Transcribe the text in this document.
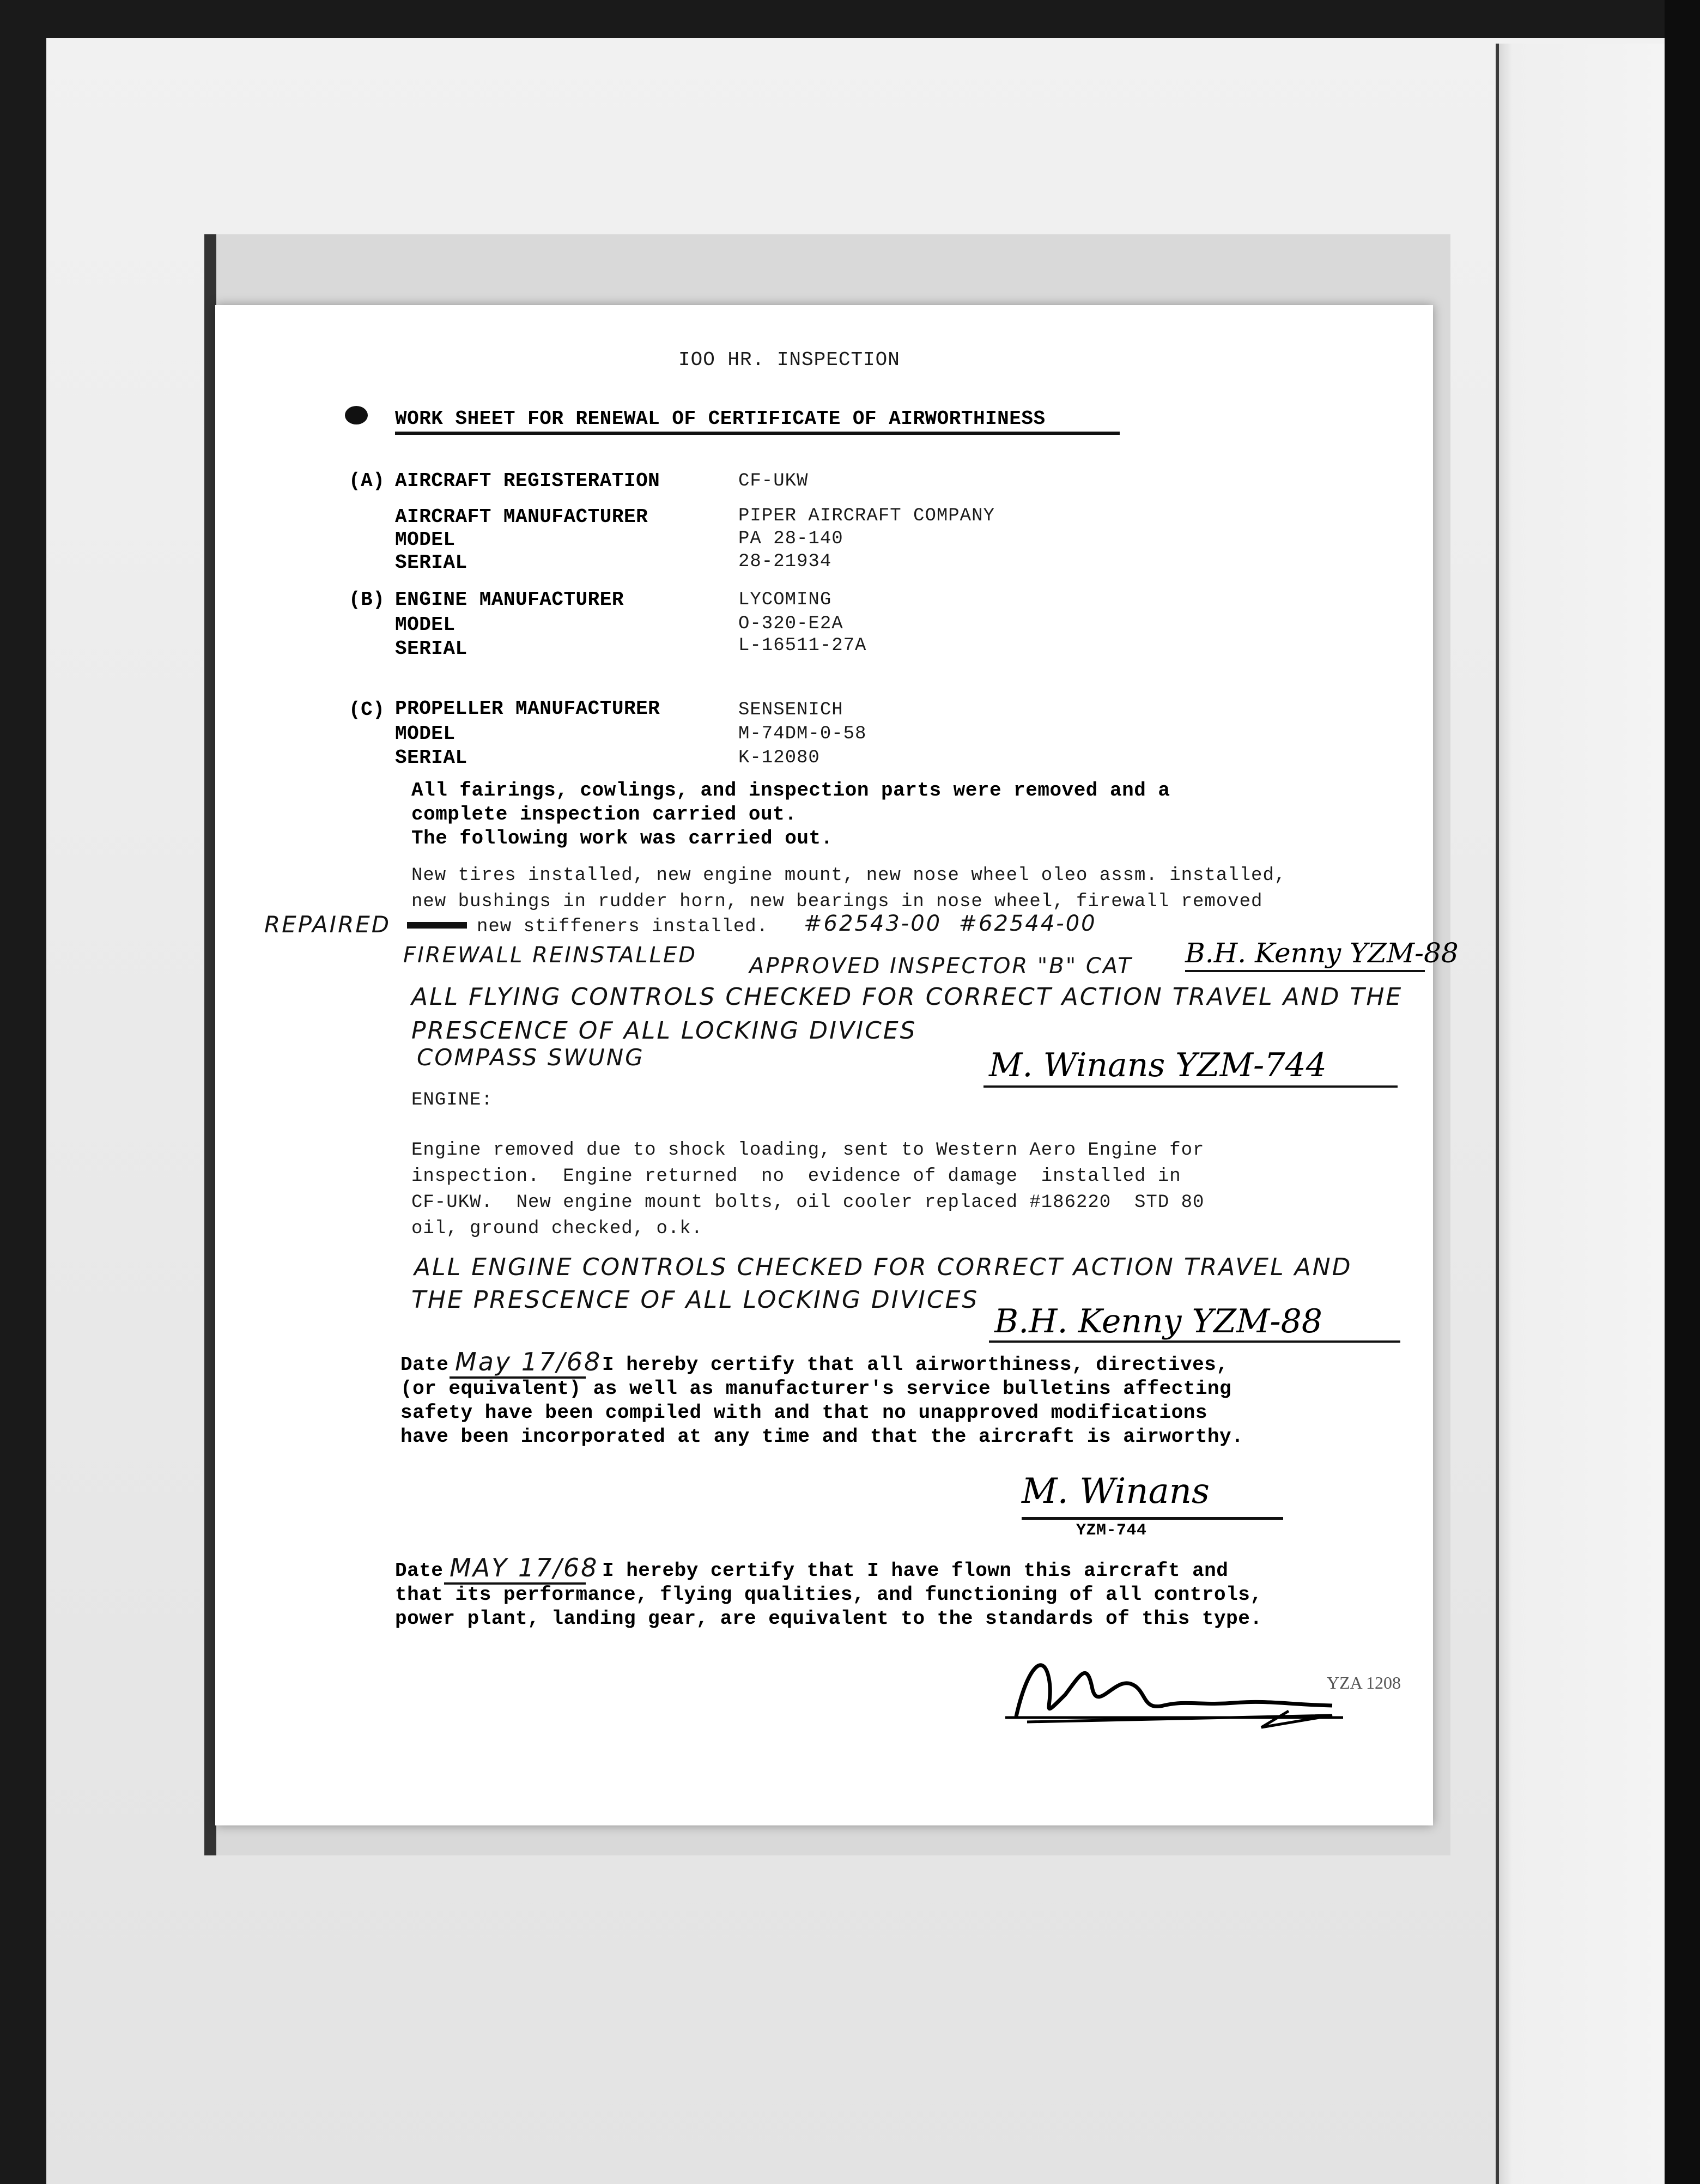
IOO HR. INSPECTION
WORK SHEET FOR RENEWAL OF CERTIFICATE OF AIRWORTHINESS
(A) AIRCRAFT REGISTERATION	CF-UKW
AIRCRAFT MANUFACTURER	PIPER AIRCRAFT COMPANY
MODEL	PA 28-140
SERIAL	28-21934
(B) ENGINE MANUFACTURER	LYCOMING
MODEL	O-320-E2A
SERIAL	L-16511-27A
(C) PROPELLER MANUFACTURER	SENSENICH
MODEL	M-74DM-0-58
SERIAL	K-12080
All fairings, cowlings, and inspection parts were removed and a
complete inspection carried out.
The following work was carried out.
New tires installed, new engine mount, new nose wheel oleo assm. installed,
new bushings in rudder horn, new bearings in nose wheel, firewall removed
new stiffeners installed.
REPAIRED	#62543-00  #62544-00
FIREWALL REINSTALLED APPROVED INSPECTOR "B" CAT B.H. Kenny YZM-88
ALL FLYING CONTROLS CHECKED FOR CORRECT ACTION TRAVEL AND THE
PRESCENCE OF ALL LOCKING DIVICES
COMPASS SWUNG	M. Winans YZM-744
ENGINE:
Engine removed due to shock loading, sent to Western Aero Engine for
inspection.  Engine returned  no  evidence of damage  installed in
CF-UKW.  New engine mount bolts, oil cooler replaced #186220  STD 80
oil, ground checked, o.k.
ALL ENGINE CONTROLS CHECKED FOR CORRECT ACTION TRAVEL AND
THE PRESCENCE OF ALL LOCKING DIVICES
B.H. Kenny YZM-88
Date May 17/68 I hereby certify that all airworthiness, directives,
(or equivalent) as well as manufacturer's service bulletins affecting
safety have been compiled with and that no unapproved modifications
have been incorporated at any time and that the aircraft is airworthy.
M. Winans
YZM-744
Date MAY 17/68 I hereby certify that I have flown this aircraft and
that its performance, flying qualities, and functioning of all controls,
power plant, landing gear, are equivalent to the standards of this type.
YZA 1208
